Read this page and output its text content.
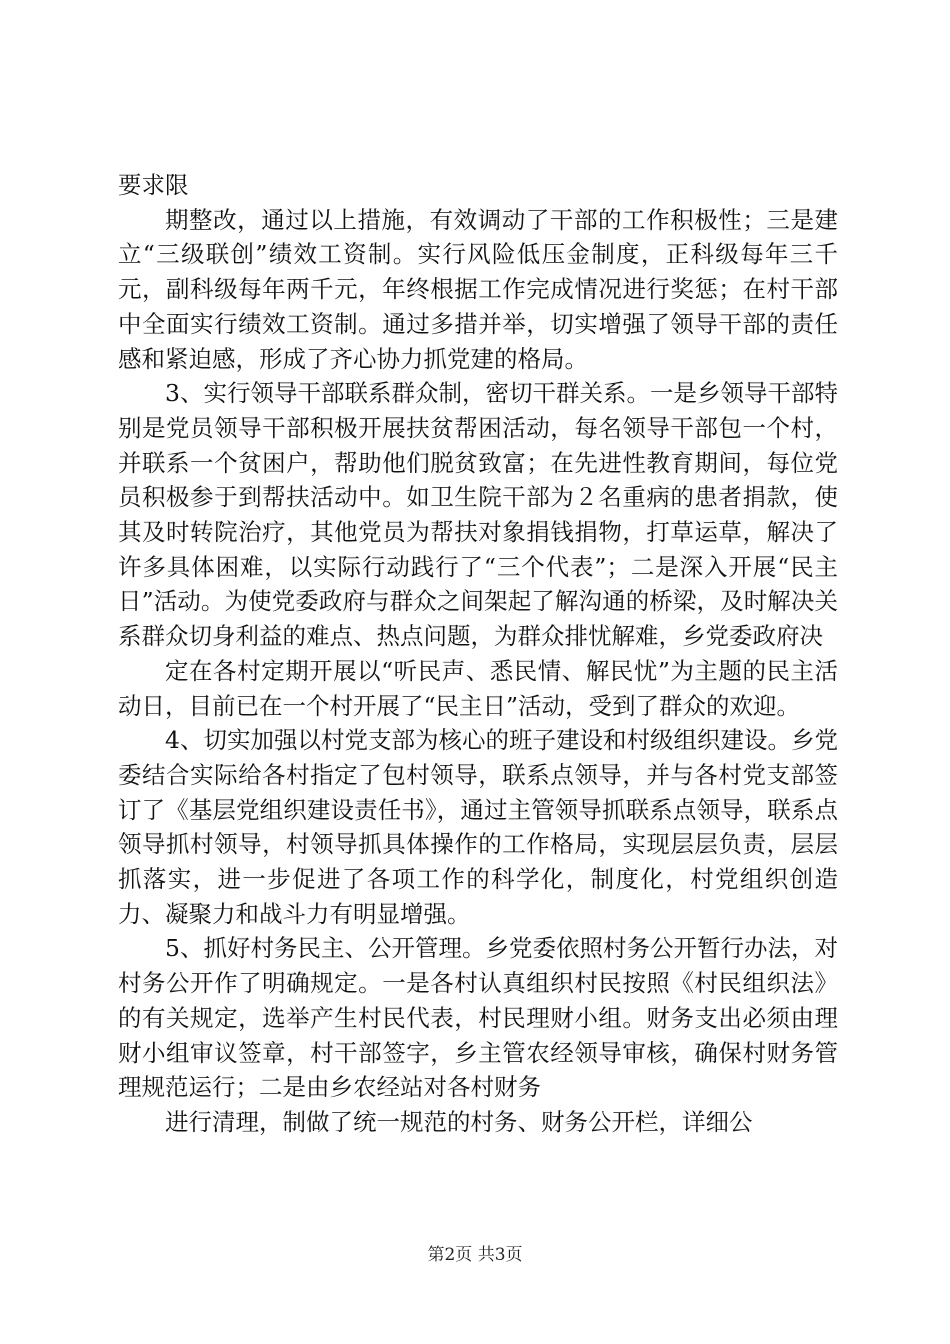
要求限

期整改，通过以上措施，有效调动了干部的工作积极性；三是建立“三级联创”绩效工资制。实行风险低压金制度，正科级每年三千元，副科级每年两千元，年终根据工作完成情况进行奖惩；在村干部中全面实行绩效工资制。通过多措并举，切实增强了领导干部的责任感和紧迫感，形成了齐心协力抓党建的格局。

3、实行领导干部联系群众制，密切干群关系。一是乡领导干部特别是党员领导干部积极开展扶贫帮困活动，每名领导干部包一个村，并联系一个贫困户，帮助他们脱贫致富；在先进性教育期间，每位党员积极参于到帮扶活动中。如卫生院干部为２名重病的患者捐款，使其及时转院治疗，其他党员为帮扶对象捐钱捐物，打草运草，解决了许多具体困难，以实际行动践行了“三个代表”；二是深入开展“民主日”活动。为使党委政府与群众之间架起了解沟通的桥梁，及时解决关系群众切身利益的难点、热点问题，为群众排忧解难，乡党委政府决

定在各村定期开展以“听民声、悉民情、解民忧”为主题的民主活动日，目前已在一个村开展了“民主日”活动，受到了群众的欢迎。

4、切实加强以村党支部为核心的班子建设和村级组织建设。乡党委结合实际给各村指定了包村领导，联系点领导，并与各村党支部签订了《基层党组织建设责任书》，通过主管领导抓联系点领导，联系点领导抓村领导，村领导抓具体操作的工作格局，实现层层负责，层层抓落实，进一步促进了各项工作的科学化，制度化，村党组织创造力、凝聚力和战斗力有明显增强。

5、抓好村务民主、公开管理。乡党委依照村务公开暂行办法，对村务公开作了明确规定。一是各村认真组织村民按照《村民组织法》的有关规定，选举产生村民代表，村民理财小组。财务支出必须由理财小组审议签章，村干部签字，乡主管农经领导审核，确保村财务管理规范运行；二是由乡农经站对各村财务

进行清理，制做了统一规范的村务、财务公开栏，详细公

第2页 共3页
